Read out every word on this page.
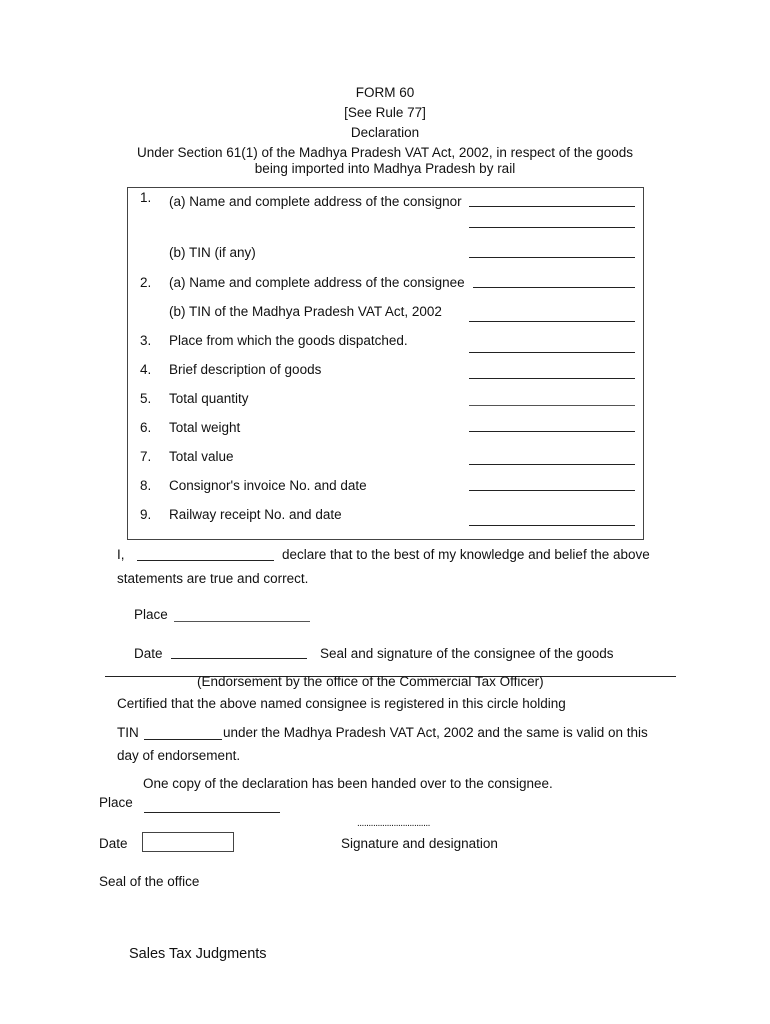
FORM 60
[See Rule 77]
Declaration
Under Section 61(1) of the Madhya Pradesh VAT Act, 2002, in respect of the goods
being imported into Madhya Pradesh by rail
1. (a) Name and complete address of the consignor
(b) TIN (if any)
2. (a) Name and complete address of the consignee
(b) TIN of the Madhya Pradesh VAT Act, 2002
3. Place from which the goods dispatched.
4. Brief description of goods
5. Total quantity
6. Total weight
7. Total value
8. Consignor's invoice No. and date
9. Railway receipt No. and date
I,	declare that to the best of my knowledge and belief the above
statements are true and correct.
Place
Date	Seal and signature of the consignee of the goods
(Endorsement by the office of the Commercial Tax Officer)
Certified that the above named consignee is registered in this circle holding
TIN	under the Madhya Pradesh VAT Act, 2002 and the same is valid on this
day of endorsement.
One copy of the declaration has been handed over to the consignee.
Place
................................
Date	Signature and designation
Seal of the office
Sales Tax Judgments
